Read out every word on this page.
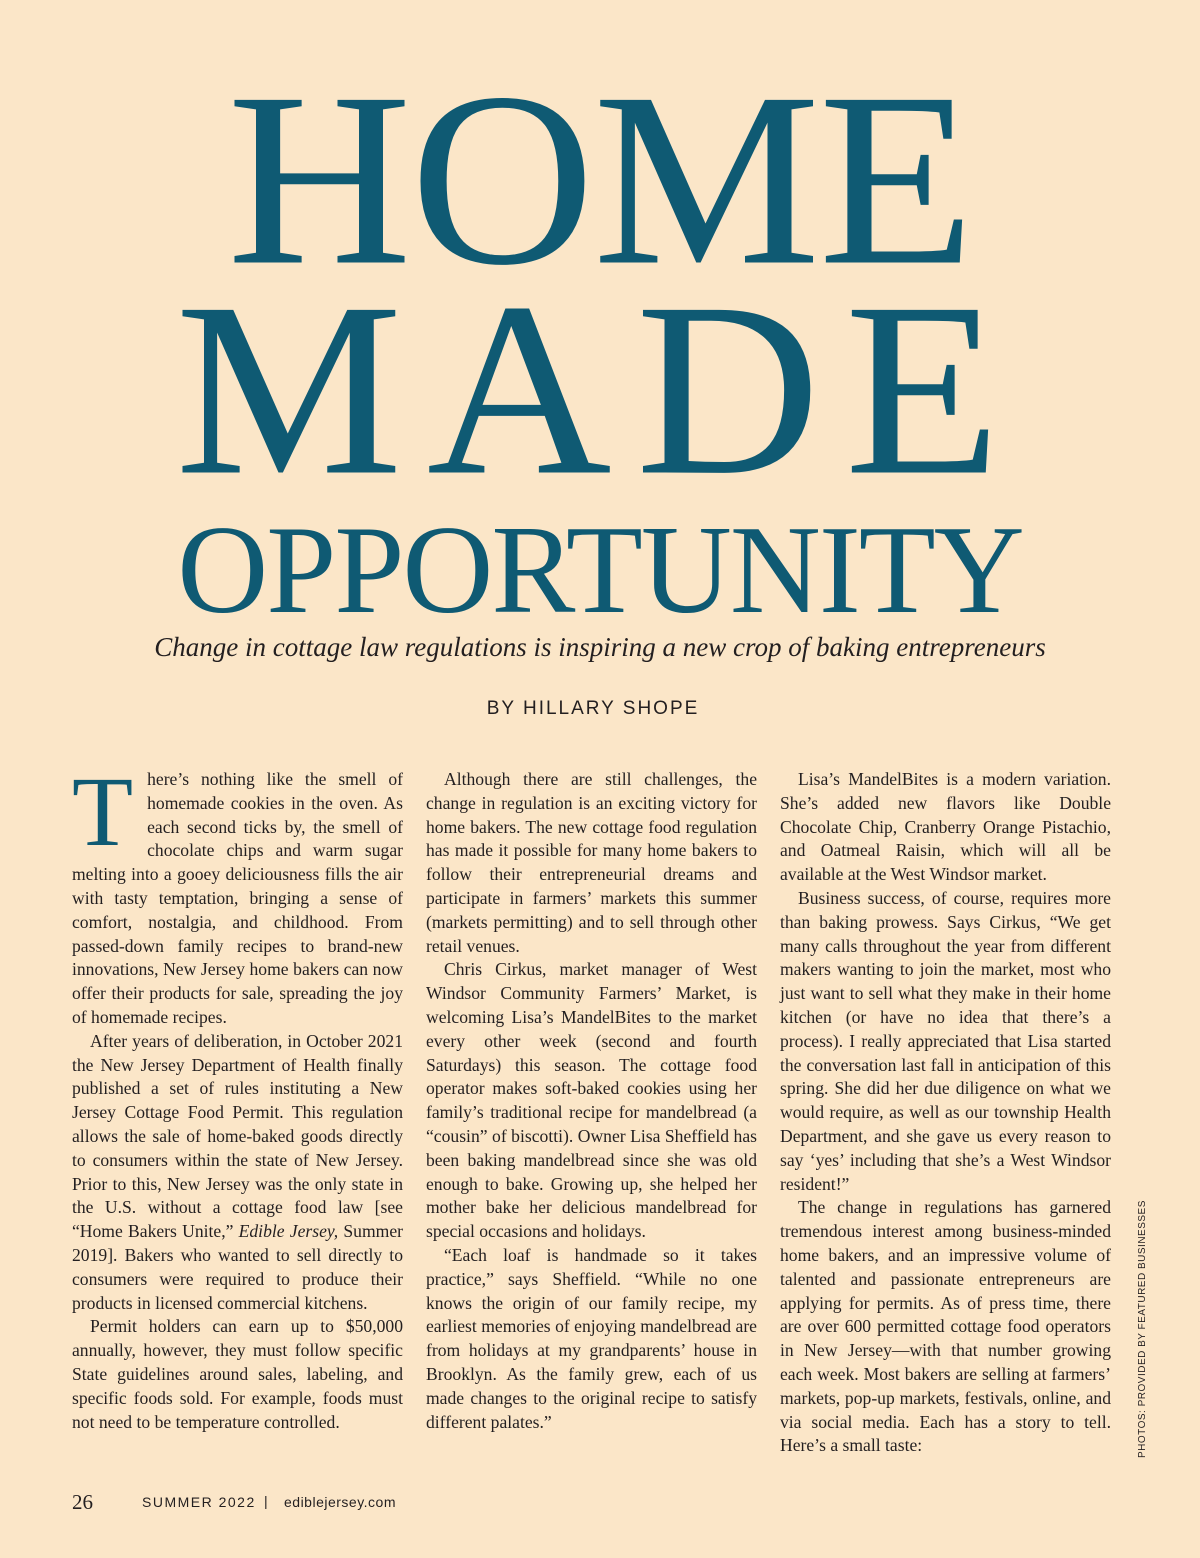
HOME
MADE
OPPORTUNITY

Change in cottage law regulations is inspiring a new crop of baking entrepreneurs

BY HILLARY SHOPE

There’s nothing like the smell of homemade cookies in the oven. As each second ticks by, the smell of chocolate chips and warm sugar melting into a gooey deliciousness fills the air with tasty temptation, bringing a sense of comfort, nostalgia, and childhood. From passed-down family recipes to brand-new innovations, New Jersey home bakers can now offer their products for sale, spreading the joy of homemade recipes.

After years of deliberation, in October 2021 the New Jersey Department of Health finally published a set of rules instituting a New Jersey Cottage Food Permit. This regulation allows the sale of home-baked goods directly to consumers within the state of New Jersey. Prior to this, New Jersey was the only state in the U.S. without a cottage food law [see “Home Bakers Unite,” Edible Jersey, Summer 2019]. Bakers who wanted to sell directly to consumers were required to produce their products in licensed commercial kitchens.

Permit holders can earn up to $50,000 annually, however, they must follow specific State guidelines around sales, labeling, and specific foods sold. For example, foods must not need to be temperature controlled.

Although there are still challenges, the change in regulation is an exciting victory for home bakers. The new cottage food regulation has made it possible for many home bakers to follow their entrepreneurial dreams and participate in farmers’ markets this summer (markets permitting) and to sell through other retail venues.

Chris Cirkus, market manager of West Windsor Community Farmers’ Market, is welcoming Lisa’s MandelBites to the market every other week (second and fourth Saturdays) this season. The cottage food operator makes soft-baked cookies using her family’s traditional recipe for mandelbread (a “cousin” of biscotti). Owner Lisa Sheffield has been baking mandelbread since she was old enough to bake. Growing up, she helped her mother bake her delicious mandelbread for special occasions and holidays.

“Each loaf is handmade so it takes practice,” says Sheffield. “While no one knows the origin of our family recipe, my earliest memories of enjoying mandelbread are from holidays at my grandparents’ house in Brooklyn. As the family grew, each of us made changes to the original recipe to satisfy different palates.”

Lisa’s MandelBites is a modern variation. She’s added new flavors like Double Chocolate Chip, Cranberry Orange Pistachio, and Oatmeal Raisin, which will all be available at the West Windsor market.

Business success, of course, requires more than baking prowess. Says Cirkus, “We get many calls throughout the year from different makers wanting to join the market, most who just want to sell what they make in their home kitchen (or have no idea that there’s a process). I really appreciated that Lisa started the conversation last fall in anticipation of this spring. She did her due diligence on what we would require, as well as our township Health Department, and she gave us every reason to say ‘yes’ including that she’s a West Windsor resident!”

The change in regulations has garnered tremendous interest among business-minded home bakers, and an impressive volume of talented and passionate entrepreneurs are applying for permits. As of press time, there are over 600 permitted cottage food operators in New Jersey—with that number growing each week. Most bakers are selling at farmers’ markets, pop-up markets, festivals, online, and via social media. Each has a story to tell. Here’s a small taste:	PHOTOS: PROVIDED BY FEATURED BUSINESSES
26	SUMMER 2022 | ediblejersey.com
